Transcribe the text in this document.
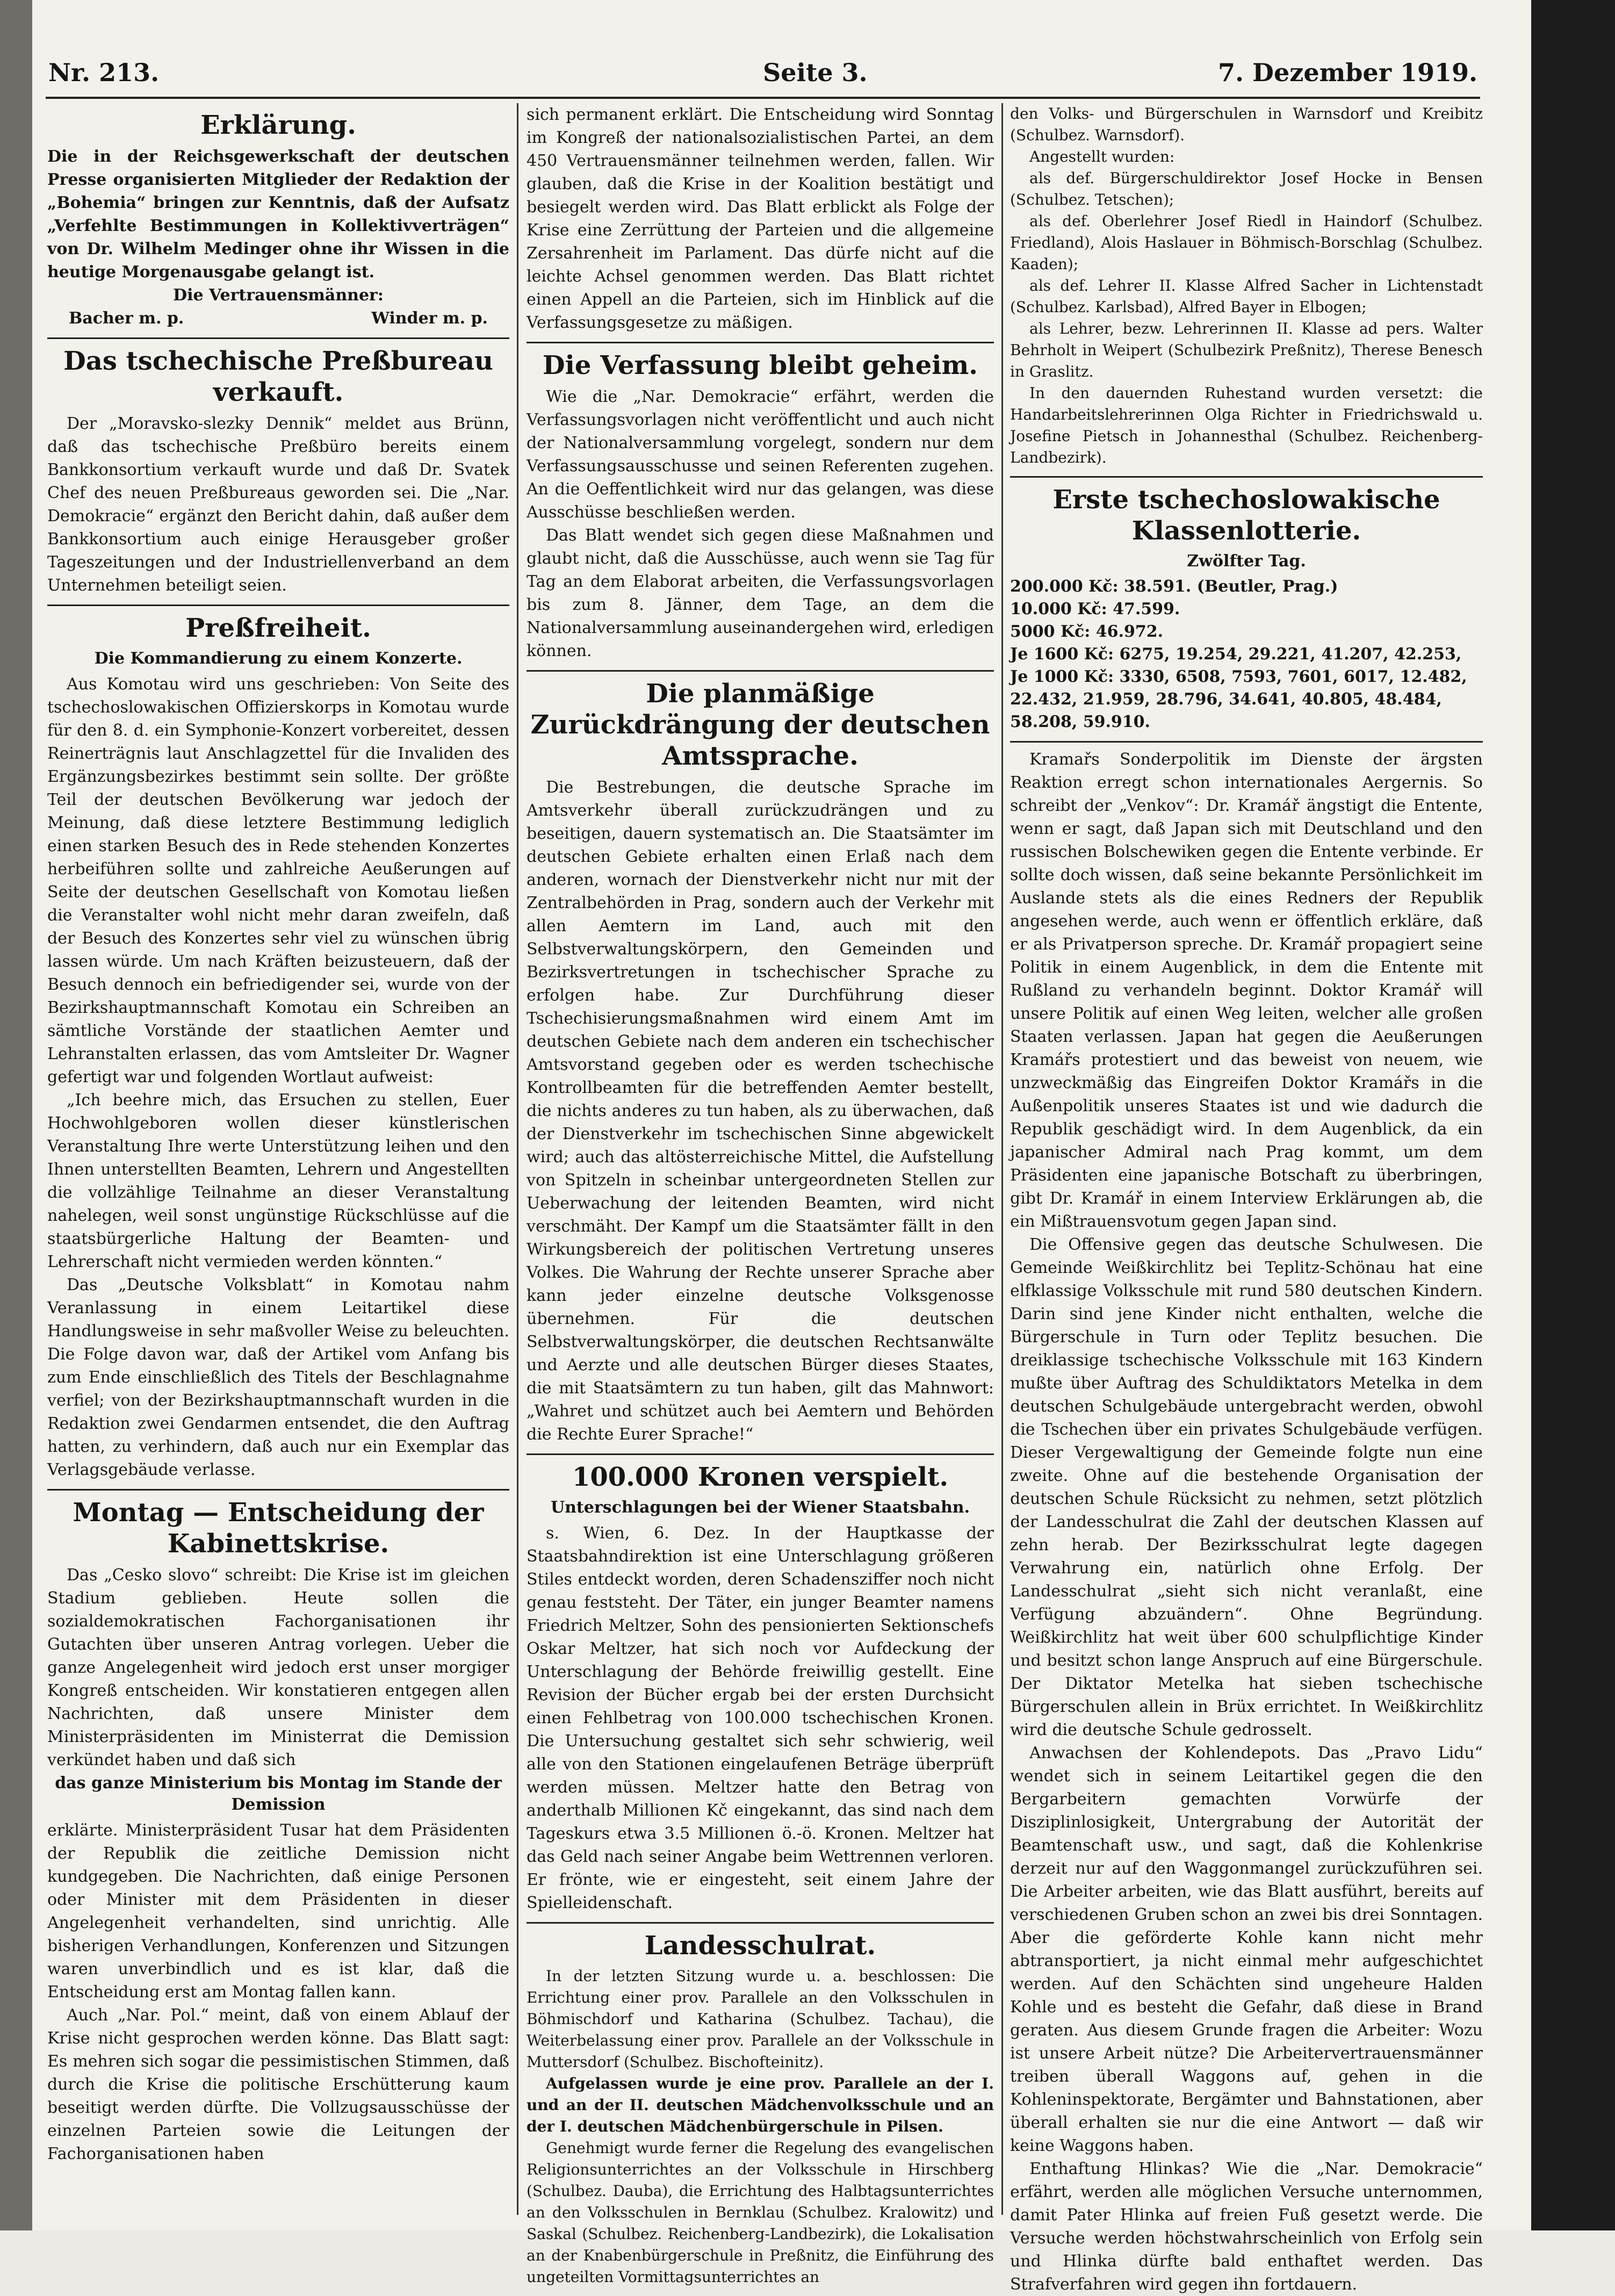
Nr. 213.	Seite 3.	7. Dezember 1919.
Erklärung.

Die in der Reichsgewerkschaft der deutschen Presse organisierten Mitglieder der Redaktion der „Bohemia“ bringen zur Kenntnis, daß der Aufsatz „Verfehlte Bestimmungen in Kollektivverträgen“ von Dr. Wilhelm Medinger ohne ihr Wissen in die heutige Morgenausgabe gelangt ist.

Die Vertrauensmänner:
Bacher m. p.	Winder m. p.
Das tschechische Preßbureau verkauft.

Der „Moravsko-slezky Dennik“ meldet aus Brünn, daß das tschechische Preßbüro bereits einem Bankkonsortium verkauft wurde und daß Dr. Svatek Chef des neuen Preßbureaus geworden sei. Die „Nar. Demokracie“ ergänzt den Bericht dahin, daß außer dem Bankkonsortium auch einige Herausgeber großer Tageszeitungen und der Industriellenverband an dem Unternehmen beteiligt seien.

Preßfreiheit.
Die Kommandierung zu einem Konzerte.

Aus Komotau wird uns geschrieben: Von Seite des tschechoslowakischen Offizierskorps in Komotau wurde für den 8. d. ein Symphonie-Konzert vorbereitet, dessen Reinerträgnis laut Anschlagzettel für die Invaliden des Ergänzungsbezirkes bestimmt sein sollte. Der größte Teil der deutschen Bevölkerung war jedoch der Meinung, daß diese letztere Bestimmung lediglich einen starken Besuch des in Rede stehenden Konzertes herbeiführen sollte und zahlreiche Aeußerungen auf Seite der deutschen Gesellschaft von Komotau ließen die Veranstalter wohl nicht mehr daran zweifeln, daß der Besuch des Konzertes sehr viel zu wünschen übrig lassen würde. Um nach Kräften beizusteuern, daß der Besuch dennoch ein befriedigender sei, wurde von der Bezirkshauptmannschaft Komotau ein Schreiben an sämtliche Vorstände der staatlichen Aemter und Lehranstalten erlassen, das vom Amtsleiter Dr. Wagner gefertigt war und folgenden Wortlaut aufweist:

„Ich beehre mich, das Ersuchen zu stellen, Euer Hochwohlgeboren wollen dieser künstlerischen Veranstaltung Ihre werte Unterstützung leihen und den Ihnen unterstellten Beamten, Lehrern und Angestellten die vollzählige Teilnahme an dieser Veranstaltung nahelegen, weil sonst ungünstige Rückschlüsse auf die staatsbürgerliche Haltung der Beamten- und Lehrerschaft nicht vermieden werden könnten.“

Das „Deutsche Volksblatt“ in Komotau nahm Veranlassung in einem Leitartikel diese Handlungsweise in sehr maßvoller Weise zu beleuchten. Die Folge davon war, daß der Artikel vom Anfang bis zum Ende einschließlich des Titels der Beschlagnahme verfiel; von der Bezirkshauptmannschaft wurden in die Redaktion zwei Gendarmen entsendet, die den Auftrag hatten, zu verhindern, daß auch nur ein Exemplar das Verlagsgebäude verlasse.

Montag — Entscheidung der Kabinettskrise.

Das „Cesko slovo“ schreibt: Die Krise ist im gleichen Stadium geblieben. Heute sollen die sozialdemokratischen Fachorganisationen ihr Gutachten über unseren Antrag vorlegen. Ueber die ganze Angelegenheit wird jedoch erst unser morgiger Kongreß entscheiden. Wir konstatieren entgegen allen Nachrichten, daß unsere Minister dem Ministerpräsidenten im Ministerrat die Demission verkündet haben und daß sich

das ganze Ministerium bis Montag im Stande der Demission

erklärte. Ministerpräsident Tusar hat dem Präsidenten der Republik die zeitliche Demission nicht kundgegeben. Die Nachrichten, daß einige Personen oder Minister mit dem Präsidenten in dieser Angelegenheit verhandelten, sind unrichtig. Alle bisherigen Verhandlungen, Konferenzen und Sitzungen waren unverbindlich und es ist klar, daß die Entscheidung erst am Montag fallen kann.

Auch „Nar. Pol.“ meint, daß von einem Ablauf der Krise nicht gesprochen werden könne. Das Blatt sagt: Es mehren sich sogar die pessimistischen Stimmen, daß durch die Krise die politische Erschütterung kaum beseitigt werden dürfte. Die Vollzugsausschüsse der einzelnen Parteien sowie die Leitungen der Fachorganisationen haben

sich permanent erklärt. Die Entscheidung wird Sonntag im Kongreß der nationalsozialistischen Partei, an dem 450 Vertrauensmänner teilnehmen werden, fallen. Wir glauben, daß die Krise in der Koalition bestätigt und besiegelt werden wird. Das Blatt erblickt als Folge der Krise eine Zerrüttung der Parteien und die allgemeine Zersahrenheit im Parlament. Das dürfe nicht auf die leichte Achsel genommen werden. Das Blatt richtet einen Appell an die Parteien, sich im Hinblick auf die Verfassungsgesetze zu mäßigen.

Die Verfassung bleibt geheim.

Wie die „Nar. Demokracie“ erfährt, werden die Verfassungsvorlagen nicht veröffentlicht und auch nicht der Nationalversammlung vorgelegt, sondern nur dem Verfassungsausschusse und seinen Referenten zugehen. An die Oeffentlichkeit wird nur das gelangen, was diese Ausschüsse beschließen werden.

Das Blatt wendet sich gegen diese Maßnahmen und glaubt nicht, daß die Ausschüsse, auch wenn sie Tag für Tag an dem Elaborat arbeiten, die Verfassungsvorlagen bis zum 8. Jänner, dem Tage, an dem die Nationalversammlung auseinandergehen wird, erledigen können.

Die planmäßige Zurückdrängung der deutschen Amtssprache.

Die Bestrebungen, die deutsche Sprache im Amtsverkehr überall zurückzudrängen und zu beseitigen, dauern systematisch an. Die Staatsämter im deutschen Gebiete erhalten einen Erlaß nach dem anderen, wornach der Dienstverkehr nicht nur mit der Zentralbehörden in Prag, sondern auch der Verkehr mit allen Aemtern im Land, auch mit den Selbstverwaltungskörpern, den Gemeinden und Bezirksvertretungen in tschechischer Sprache zu erfolgen habe. Zur Durchführung dieser Tschechisierungsmaßnahmen wird einem Amt im deutschen Gebiete nach dem anderen ein tschechischer Amtsvorstand gegeben oder es werden tschechische Kontrollbeamten für die betreffenden Aemter bestellt, die nichts anderes zu tun haben, als zu überwachen, daß der Dienstverkehr im tschechischen Sinne abgewickelt wird; auch das altösterreichische Mittel, die Aufstellung von Spitzeln in scheinbar untergeordneten Stellen zur Ueberwachung der leitenden Beamten, wird nicht verschmäht. Der Kampf um die Staatsämter fällt in den Wirkungsbereich der politischen Vertretung unseres Volkes. Die Wahrung der Rechte unserer Sprache aber kann jeder einzelne deutsche Volksgenosse übernehmen. Für die deutschen Selbstverwaltungskörper, die deutschen Rechtsanwälte und Aerzte und alle deutschen Bürger dieses Staates, die mit Staatsämtern zu tun haben, gilt das Mahnwort: „Wahret und schützet auch bei Aemtern und Behörden die Rechte Eurer Sprache!“

100.000 Kronen verspielt.
Unterschlagungen bei der Wiener Staatsbahn.

s. Wien, 6. Dez. In der Hauptkasse der Staatsbahndirektion ist eine Unterschlagung größeren Stiles entdeckt worden, deren Schadensziffer noch nicht genau feststeht. Der Täter, ein junger Beamter namens Friedrich Meltzer, Sohn des pensionierten Sektionschefs Oskar Meltzer, hat sich noch vor Aufdeckung der Unterschlagung der Behörde freiwillig gestellt. Eine Revision der Bücher ergab bei der ersten Durchsicht einen Fehlbetrag von 100.000 tschechischen Kronen. Die Untersuchung gestaltet sich sehr schwierig, weil alle von den Stationen eingelaufenen Beträge überprüft werden müssen. Meltzer hatte den Betrag von anderthalb Millionen Kč eingekannt, das sind nach dem Tageskurs etwa 3.5 Millionen ö.-ö. Kronen. Meltzer hat das Geld nach seiner Angabe beim Wettrennen verloren. Er frönte, wie er eingesteht, seit einem Jahre der Spielleidenschaft.

Landesschulrat.

In der letzten Sitzung wurde u. a. beschlossen: Die Errichtung einer prov. Parallele an den Volksschulen in Böhmischdorf und Katharina (Schulbez. Tachau), die Weiterbelassung einer prov. Parallele an der Volksschule in Muttersdorf (Schulbez. Bischofteinitz).

Aufgelassen wurde je eine prov. Parallele an der I. und an der II. deutschen Mädchenvolksschule und an der I. deutschen Mädchenbürgerschule in Pilsen.

Genehmigt wurde ferner die Regelung des evangelischen Religionsunterrichtes an der Volksschule in Hirschberg (Schulbez. Dauba), die Errichtung des Halbtagsunterrichtes an den Volksschulen in Bernklau (Schulbez. Kralowitz) und Saskal (Schulbez. Reichenberg-Landbezirk), die Lokalisation an der Knabenbürgerschule in Preßnitz, die Einführung des ungeteilten Vormittagsunterrichtes an

den Volks- und Bürgerschulen in Warnsdorf und Kreibitz (Schulbez. Warnsdorf).

Angestellt wurden:

als def. Bürgerschuldirektor Josef Hocke in Bensen (Schulbez. Tetschen);

als def. Oberlehrer Josef Riedl in Haindorf (Schulbez. Friedland), Alois Haslauer in Böhmisch-Borschlag (Schulbez. Kaaden);

als def. Lehrer II. Klasse Alfred Sacher in Lichtenstadt (Schulbez. Karlsbad), Alfred Bayer in Elbogen;

als Lehrer, bezw. Lehrerinnen II. Klasse ad pers. Walter Behrholt in Weipert (Schulbezirk Preßnitz), Therese Benesch in Graslitz.

In den dauernden Ruhestand wurden versetzt: die Handarbeitslehrerinnen Olga Richter in Friedrichswald u. Josefine Pietsch in Johannesthal (Schulbez. Reichenberg-Landbezirk).

Erste tschechoslowakische Klassenlotterie.
Zwölfter Tag.
200.000 Kč: 38.591. (Beutler, Prag.)
10.000 Kč: 47.599.
5000 Kč: 46.972.
Je 1600 Kč: 6275, 19.254, 29.221, 41.207, 42.253,
Je 1000 Kč: 3330, 6508, 7593, 7601, 6017, 12.482, 22.432, 21.959, 28.796, 34.641, 40.805, 48.484, 58.208, 59.910.

Kramařs Sonderpolitik im Dienste der ärgsten Reaktion erregt schon internationales Aergernis. So schreibt der „Venkov“: Dr. Kramář ängstigt die Entente, wenn er sagt, daß Japan sich mit Deutschland und den russischen Bolschewiken gegen die Entente verbinde. Er sollte doch wissen, daß seine bekannte Persönlichkeit im Auslande stets als die eines Redners der Republik angesehen werde, auch wenn er öffentlich erkläre, daß er als Privatperson spreche. Dr. Kramář propagiert seine Politik in einem Augenblick, in dem die Entente mit Rußland zu verhandeln beginnt. Doktor Kramář will unsere Politik auf einen Weg leiten, welcher alle großen Staaten verlassen. Japan hat gegen die Aeußerungen Kramářs protestiert und das beweist von neuem, wie unzweckmäßig das Eingreifen Doktor Kramářs in die Außenpolitik unseres Staates ist und wie dadurch die Republik geschädigt wird. In dem Augenblick, da ein japanischer Admiral nach Prag kommt, um dem Präsidenten eine japanische Botschaft zu überbringen, gibt Dr. Kramář in einem Interview Erklärungen ab, die ein Mißtrauensvotum gegen Japan sind.

Die Offensive gegen das deutsche Schulwesen. Die Gemeinde Weißkirchlitz bei Teplitz-Schönau hat eine elfklassige Volksschule mit rund 580 deutschen Kindern. Darin sind jene Kinder nicht enthalten, welche die Bürgerschule in Turn oder Teplitz besuchen. Die dreiklassige tschechische Volksschule mit 163 Kindern mußte über Auftrag des Schuldiktators Metelka in dem deutschen Schulgebäude untergebracht werden, obwohl die Tschechen über ein privates Schulgebäude verfügen. Dieser Vergewaltigung der Gemeinde folgte nun eine zweite. Ohne auf die bestehende Organisation der deutschen Schule Rücksicht zu nehmen, setzt plötzlich der Landesschulrat die Zahl der deutschen Klassen auf zehn herab. Der Bezirksschulrat legte dagegen Verwahrung ein, natürlich ohne Erfolg. Der Landesschulrat „sieht sich nicht veranlaßt, eine Verfügung abzuändern“. Ohne Begründung. Weißkirchlitz hat weit über 600 schulpflichtige Kinder und besitzt schon lange Anspruch auf eine Bürgerschule. Der Diktator Metelka hat sieben tschechische Bürgerschulen allein in Brüx errichtet. In Weißkirchlitz wird die deutsche Schule gedrosselt.

Anwachsen der Kohlendepots. Das „Pravo Lidu“ wendet sich in seinem Leitartikel gegen die den Bergarbeitern gemachten Vorwürfe der Disziplinlosigkeit, Untergrabung der Autorität der Beamtenschaft usw., und sagt, daß die Kohlenkrise derzeit nur auf den Waggonmangel zurückzuführen sei. Die Arbeiter arbeiten, wie das Blatt ausführt, bereits auf verschiedenen Gruben schon an zwei bis drei Sonntagen. Aber die geförderte Kohle kann nicht mehr abtransportiert, ja nicht einmal mehr aufgeschichtet werden. Auf den Schächten sind ungeheure Halden Kohle und es besteht die Gefahr, daß diese in Brand geraten. Aus diesem Grunde fragen die Arbeiter: Wozu ist unsere Arbeit nütze? Die Arbeitervertrauensmänner treiben überall Waggons auf, gehen in die Kohleninspektorate, Bergämter und Bahnstationen, aber überall erhalten sie nur die eine Antwort — daß wir keine Waggons haben.

Enthaftung Hlinkas? Wie die „Nar. Demokracie“ erfährt, werden alle möglichen Versuche unternommen, damit Pater Hlinka auf freien Fuß gesetzt werde. Die Versuche werden höchstwahrscheinlich von Erfolg sein und Hlinka dürfte bald enthaftet werden. Das Strafverfahren wird gegen ihn fortdauern.
